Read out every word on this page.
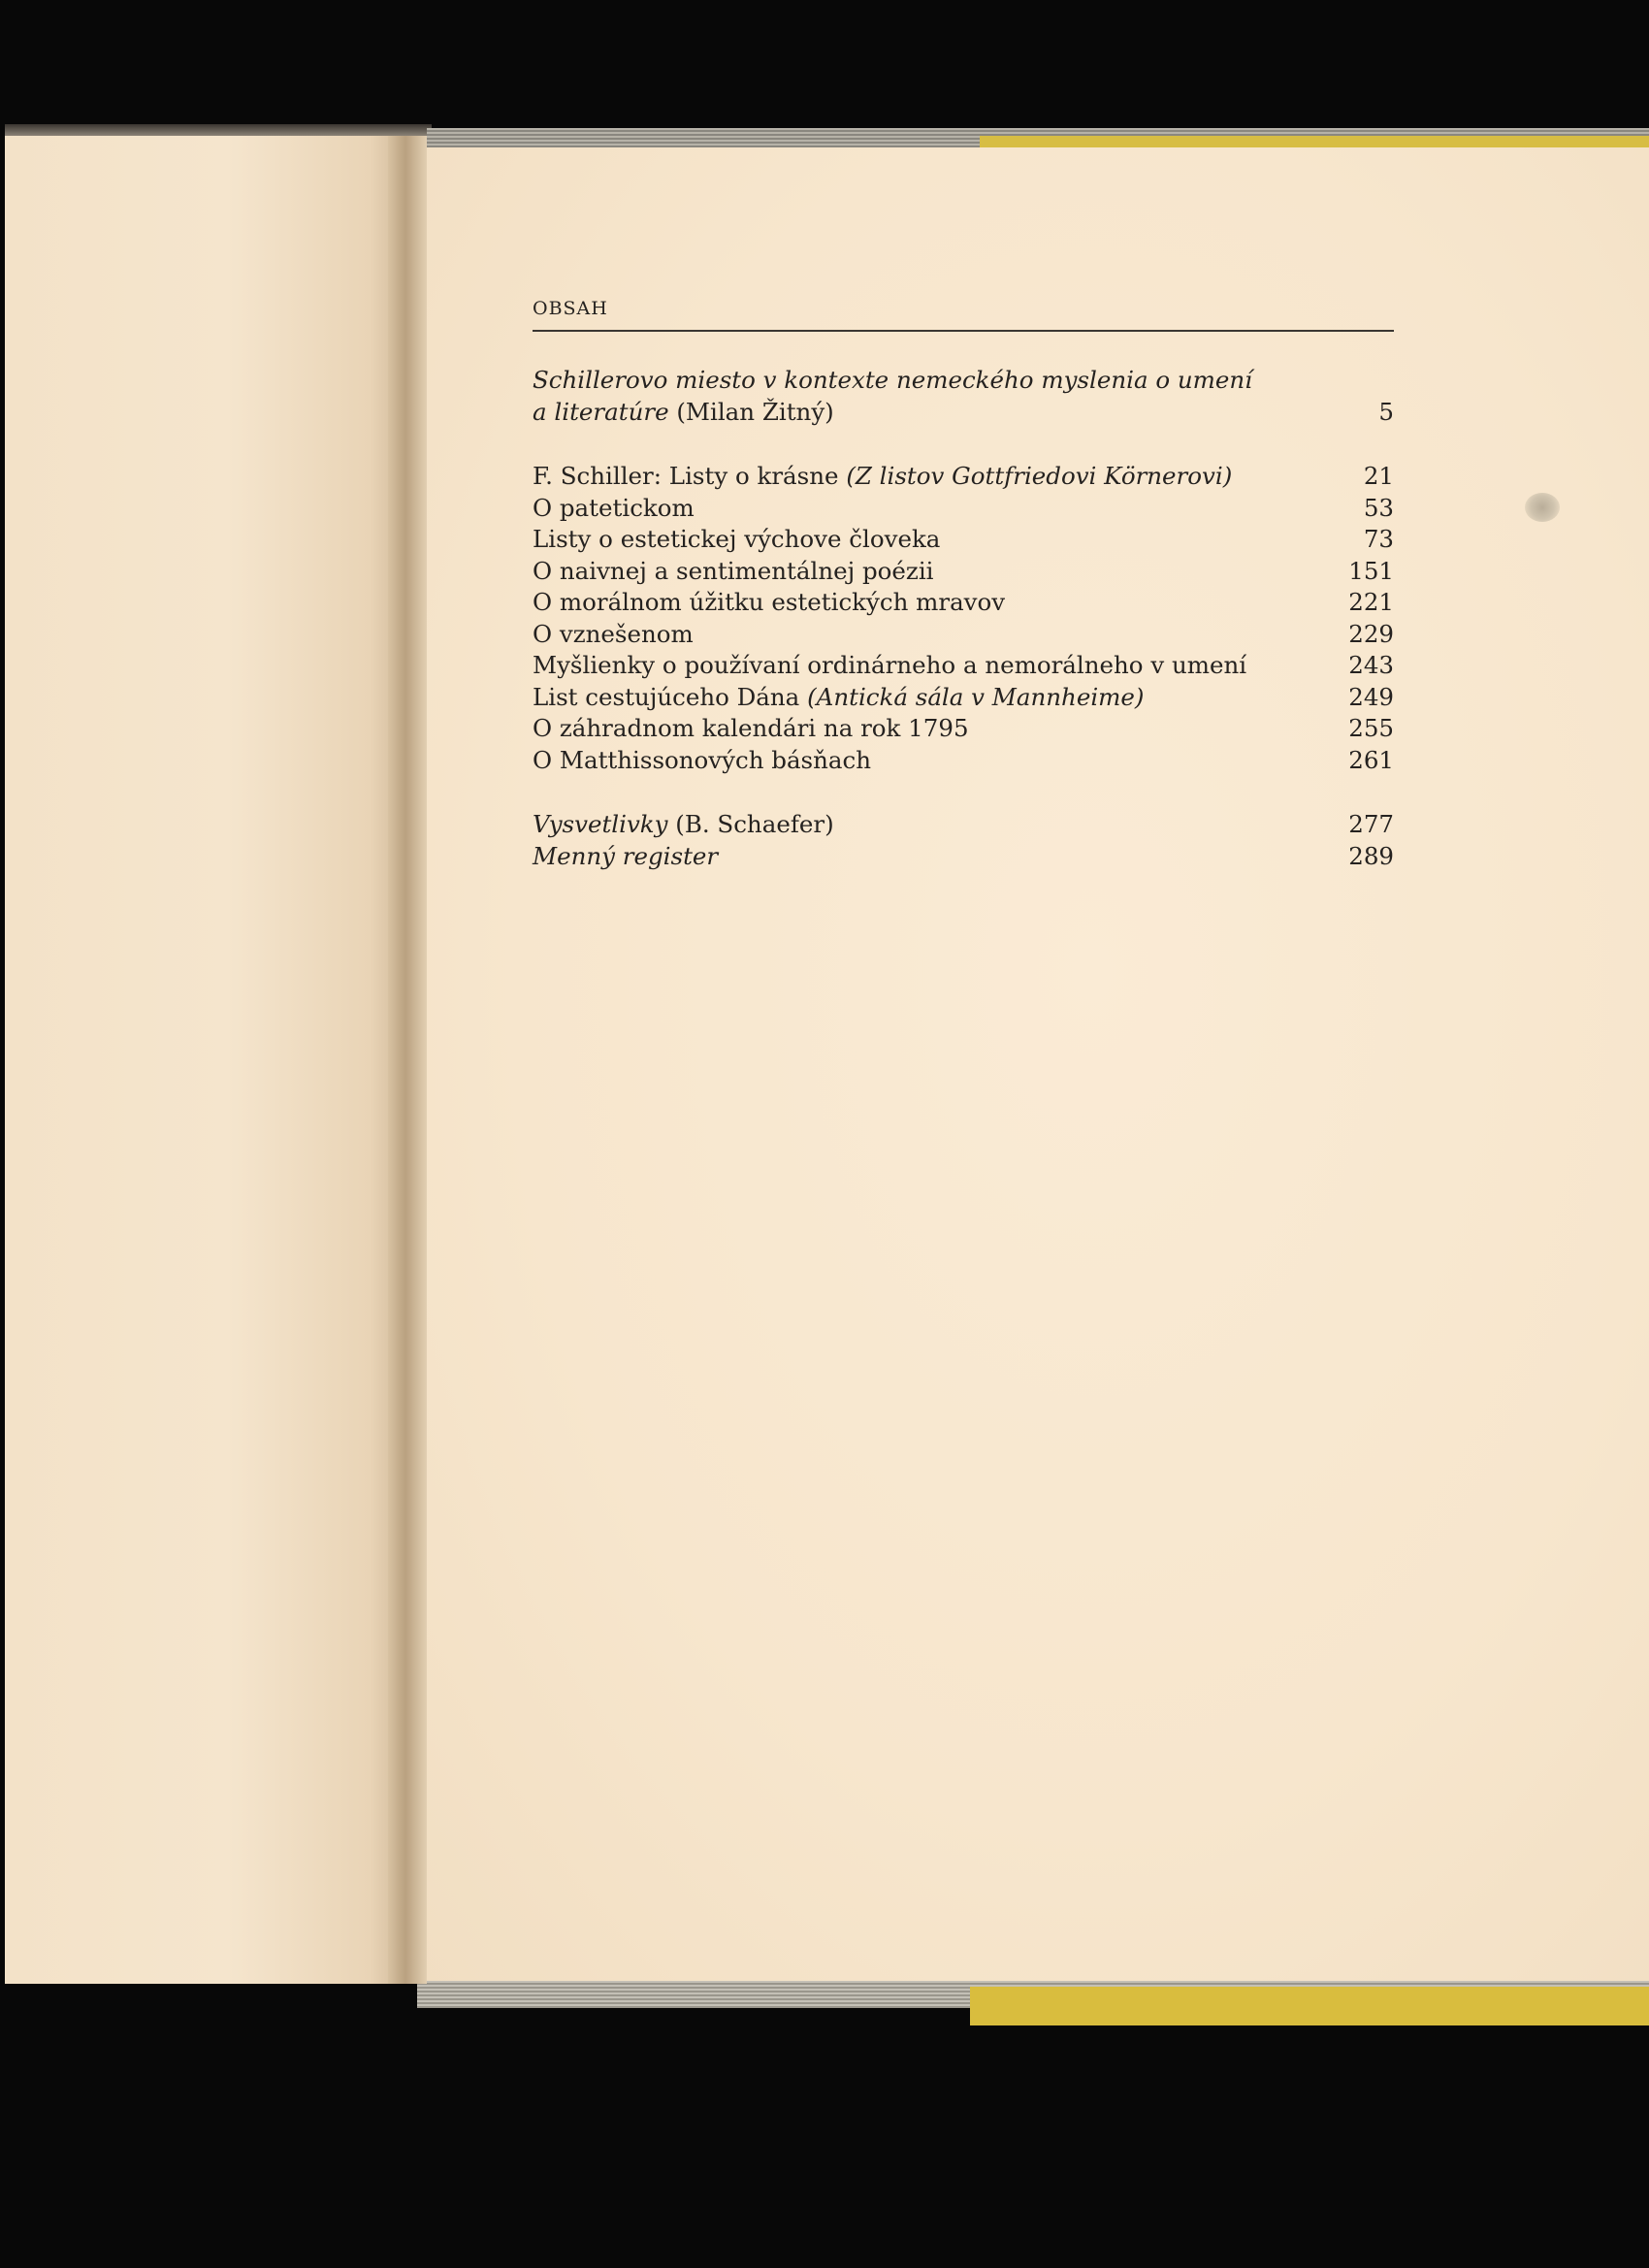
OBSAH

Schillerovo miesto v kontexte nemeckého myslenia o umení
a literatúre (Milan Žitný)	5
F. Schiller: Listy o krásne (Z listov Gottfriedovi Körnerovi)	21
O patetickom	53
Listy o estetickej výchove človeka	73
O naivnej a sentimentálnej poézii	151
O morálnom úžitku estetických mravov	221
O vznešenom	229
Myšlienky o používaní ordinárneho a nemorálneho v umení	243
List cestujúceho Dána (Antická sála v Mannheime)	249
O záhradnom kalendári na rok 1795	255
O Matthissonových básňach	261
Vysvetlivky (B. Schaefer)	277
Menný register	289
